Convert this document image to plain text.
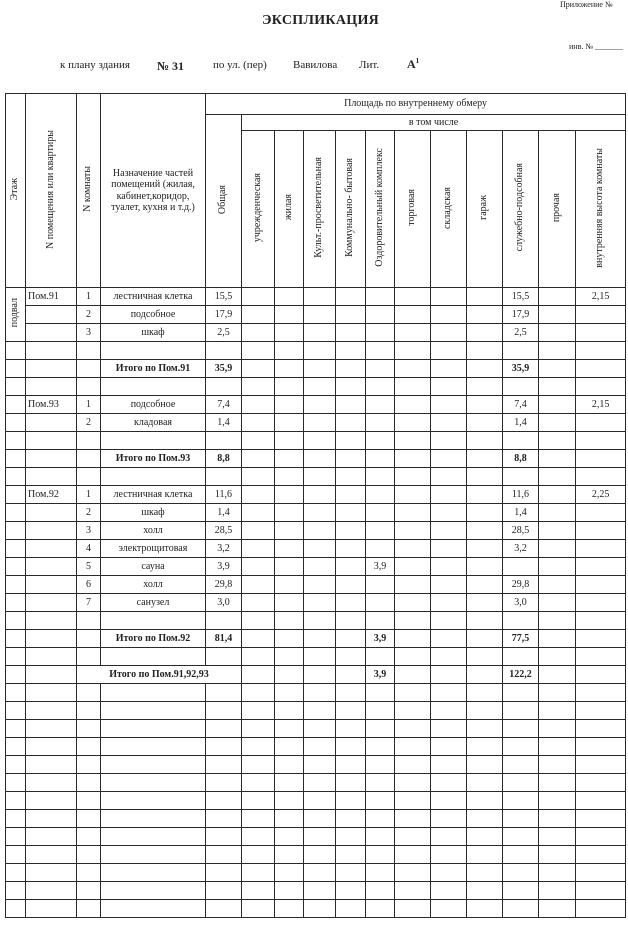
Приложение №
ЭКСПЛИКАЦИЯ
инв. № _______
к плану здания № 31	по ул. (пер) Вавилова Лит. $А^1$
Этаж	N помещения или квартиры	N комнаты	Назначение частей помещений (жилая, кабинет,коридор, туалет, кухня и т.д.)	Площадь по внутреннему обмеру											
				Общая	в том числе										
					учрежденческая	жилая	Культ.-просветительная	Коммунально- бытовая	Оздоровительный комплекс	торговая	складская	гараж	служебно-подсобная	прочая	внутренняя высота комнаты
подвал	Пом.91	1	лестничная клетка	15,5									15,5		2,15
		2	подсобное	17,9									17,9		
		3	шкаф	2,5									2,5		

			Итого по Пом.91	35,9									35,9		

	Пом.93	1	подсобное	7,4									7,4		2,15
		2	кладовая	1,4									1,4		

			Итого по Пом.93	8,8									8,8		

	Пом.92	1	лестничная клетка	11,6									11,6		2,25
		2	шкаф	1,4									1,4		
		3	холл	28,5									28,5		
		4	электрощитовая	3,2									3,2		
		5	сауна	3,9					3,9						
		6	холл	29,8									29,8		
		7	санузел	3,0									3,0		

			Итого по Пом.92	81,4					3,9				77,5		

		Итого по Пом.91,92,93							3,9				122,2		
